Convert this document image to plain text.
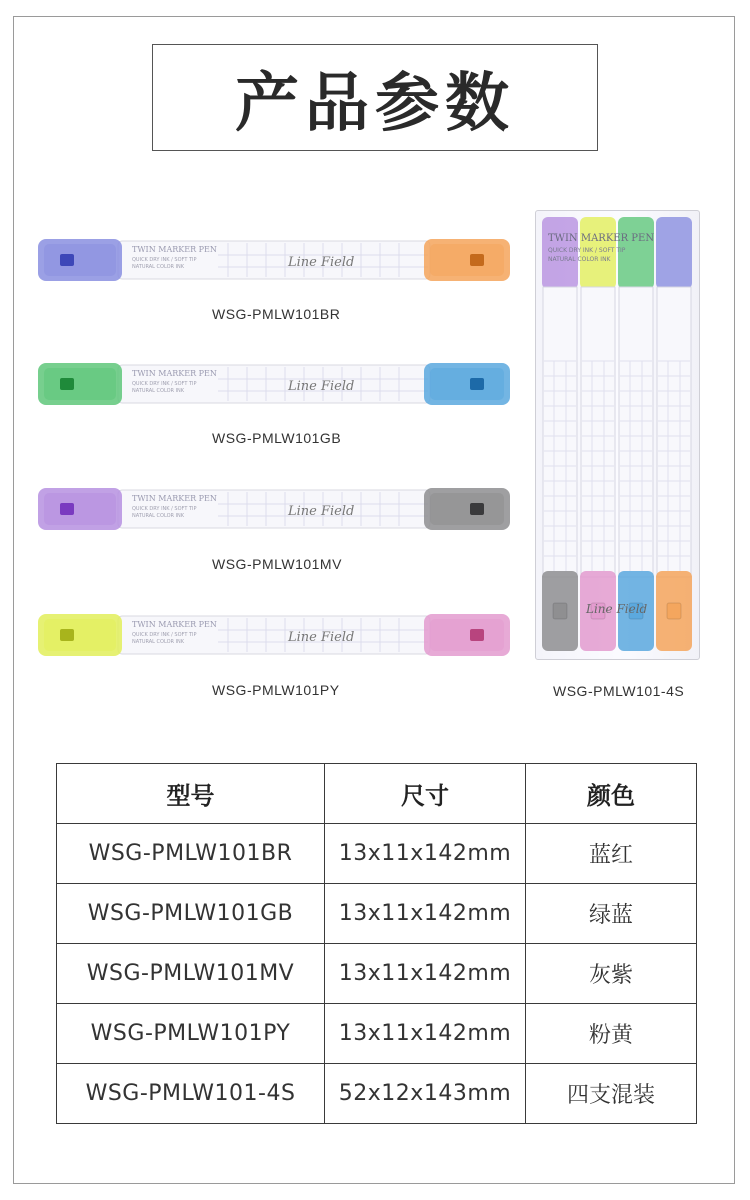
产品参数
TWIN MARKER PEN
QUICK DRY INK / SOFT TIP
NATURAL COLOR INK	Line Field
WSG-PMLW101BR
TWIN MARKER PEN
QUICK DRY INK / SOFT TIP
NATURAL COLOR INK	Line Field
WSG-PMLW101GB
TWIN MARKER PEN
QUICK DRY INK / SOFT TIP
NATURAL COLOR INK	Line Field
WSG-PMLW101MV
TWIN MARKER PEN
QUICK DRY INK / SOFT TIP
NATURAL COLOR INK	Line Field
WSG-PMLW101PY
TWIN MARKER PEN
QUICK DRY INK / SOFT TIP
NATURAL COLOR INK
Line Field
WSG-PMLW101-4S
型号	尺寸	颜色
WSG-PMLW101BR	13x11x142mm	蓝红
WSG-PMLW101GB	13x11x142mm	绿蓝
WSG-PMLW101MV	13x11x142mm	灰紫
WSG-PMLW101PY	13x11x142mm	粉黄
WSG-PMLW101-4S	52x12x143mm	四支混装
